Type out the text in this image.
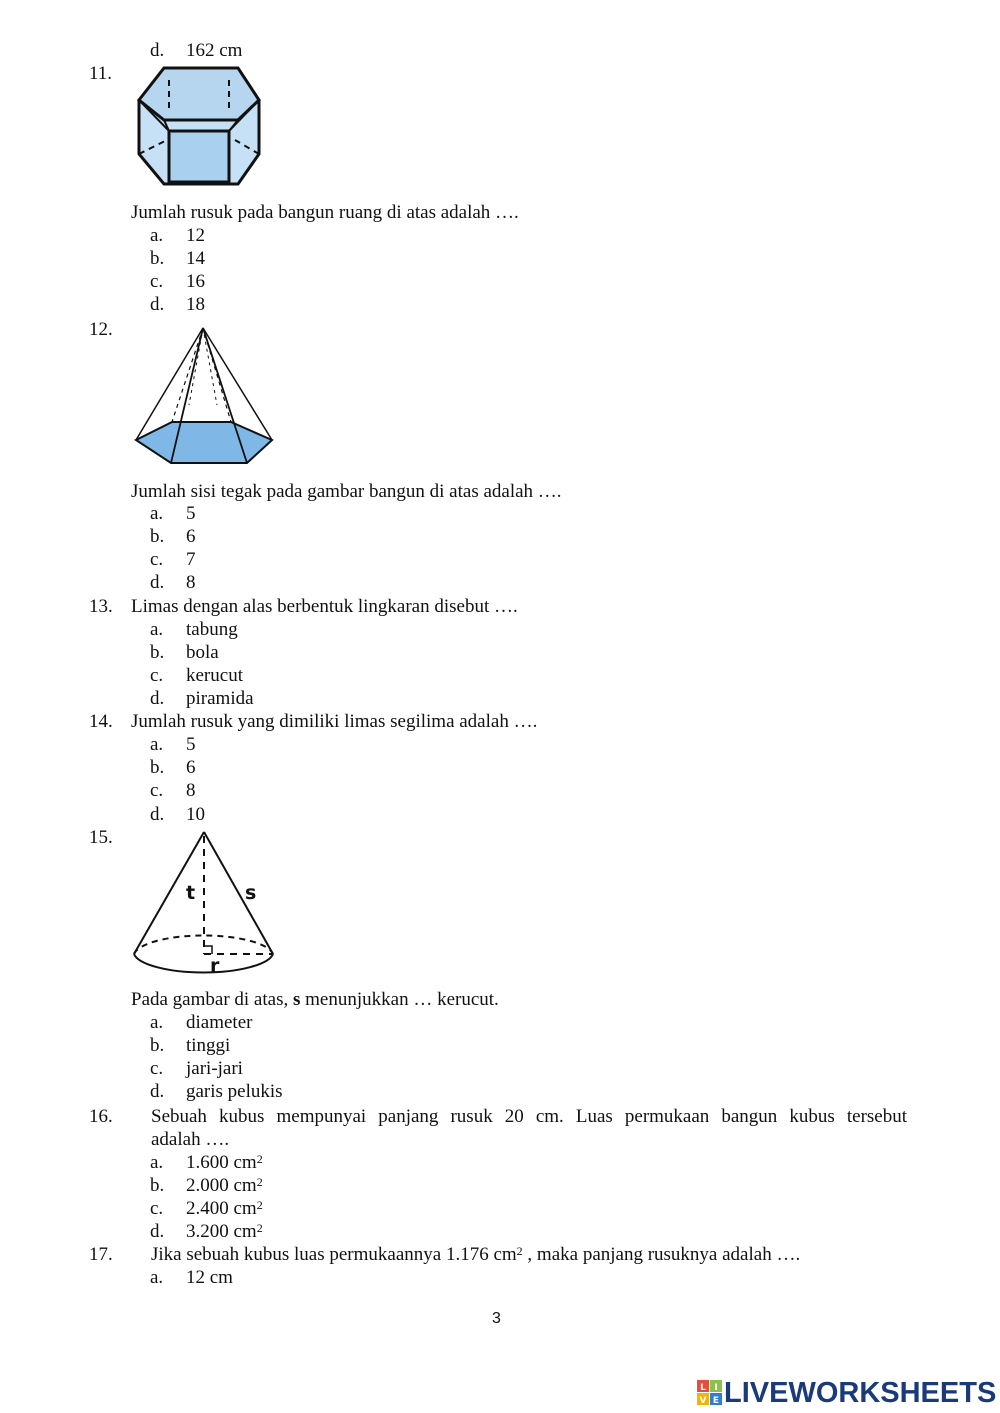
d.	162 cm
11.
Jumlah rusuk pada bangun ruang di atas adalah ….
a.	12
b.	14
c.	16
d.	18
12.
Jumlah sisi tegak pada gambar bangun di atas adalah ….
a.	5
b.	6
c.	7
d.	8
13. Limas dengan alas berbentuk lingkaran disebut ….
a.	tabung
b.	bola
c.	kerucut
d.	piramida
14. Jumlah rusuk yang dimiliki limas segilima adalah ….
a.	5
b.	6
c.	8
d.	10
15.
t	s
r
Pada gambar di atas, s menunjukkan … kerucut.
a.	diameter
b.	tinggi
c.	jari-jari
d.	garis pelukis
16. Sebuah kubus mempunyai panjang rusuk 20 cm. Luas permukaan bangun kubus tersebut
adalah ….
a.	1.600 $cm^2$
b.	2.000 $cm^2$
c.	2.400 $cm^2$
d.	3.200 $cm^2$
17. Jika sebuah kubus luas permukaannya 1.176 $cm^2$ , maka panjang rusuknya adalah ….
a.	12 cm
3
L I
V E LIVEWORKSHEETS
